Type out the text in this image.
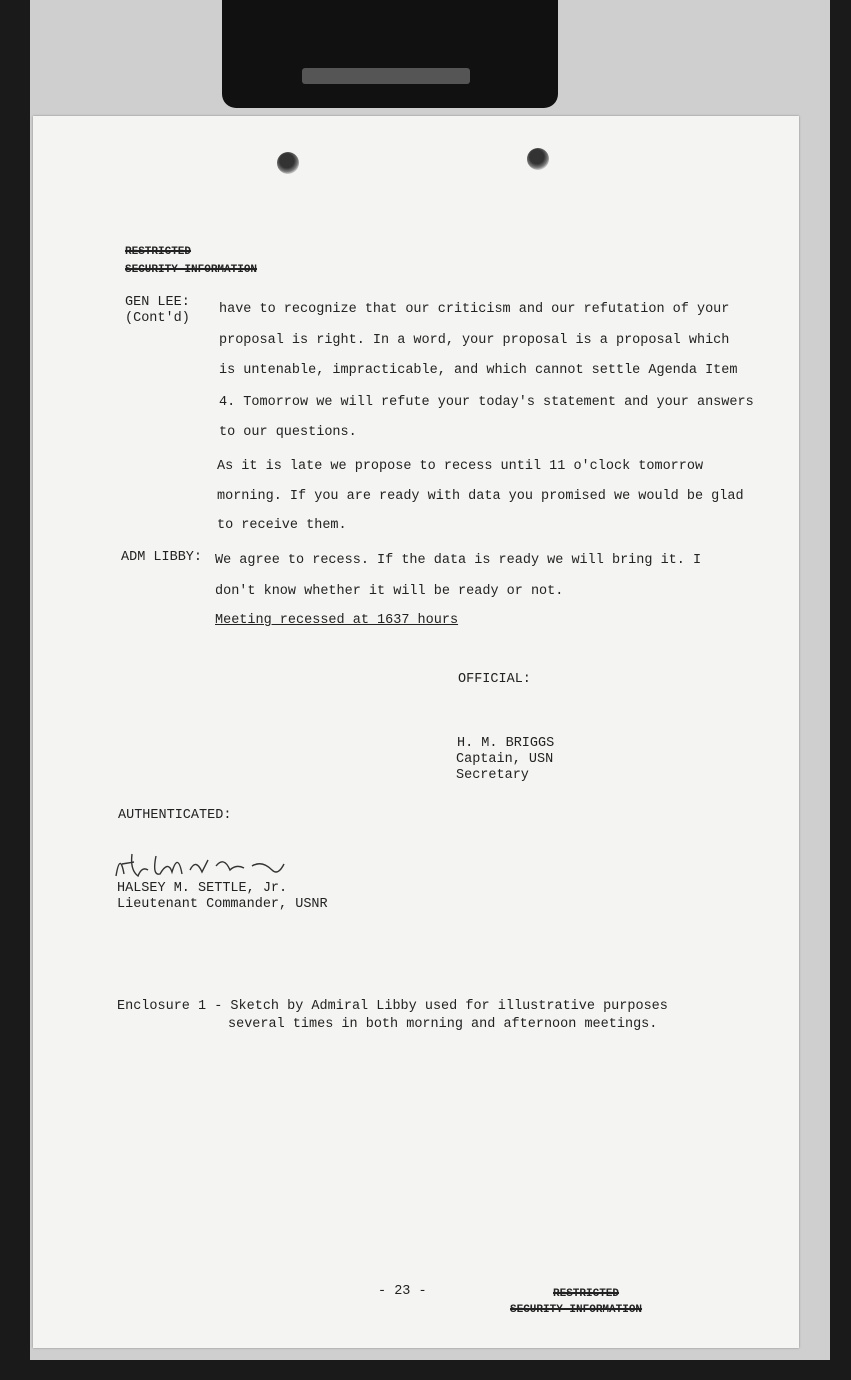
RESTRICTED
SECURITY INFORMATION
GEN LEE:
(Cont'd)
have to recognize that our criticism and our refutation of your
proposal is right. In a word, your proposal is a proposal which
is untenable, impracticable, and which cannot settle Agenda Item
4. Tomorrow we will refute your today's statement and your answers
to our questions.
As it is late we propose to recess until 11 o'clock tomorrow
morning. If you are ready with data you promised we would be glad
to receive them.
ADM LIBBY: We agree to recess. If the data is ready we will bring it. I
don't know whether it will be ready or not.
Meeting recessed at 1637 hours
OFFICIAL:
H. M. BRIGGS
Captain, USN
Secretary
AUTHENTICATED:
HALSEY M. SETTLE, Jr.
Lieutenant Commander, USNR
Enclosure 1 - Sketch by Admiral Libby used for illustrative purposes
several times in both morning and afternoon meetings.
- 23 -	RESTRICTED
SECURITY INFORMATION
